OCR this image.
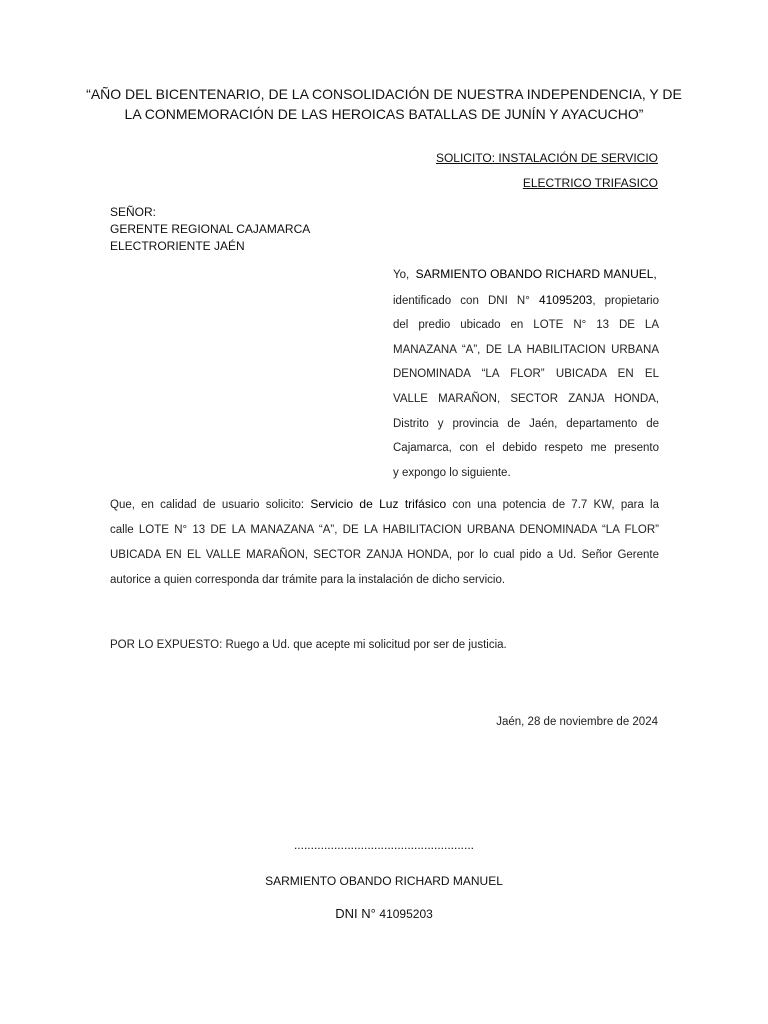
“AÑO DEL BICENTENARIO, DE LA CONSOLIDACIÓN DE NUESTRA INDEPENDENCIA, Y DE
LA CONMEMORACIÓN DE LAS HEROICAS BATALLAS DE JUNÍN Y AYACUCHO”
SOLICITO: INSTALACIÓN DE SERVICIO
ELECTRICO TRIFASICO
SEÑOR:
GERENTE REGIONAL CAJAMARCA
ELECTRORIENTE JAÉN
Yo, SARMIENTO OBANDO RICHARD MANUEL,
identificado con DNI N° 41095203, propietario
del predio ubicado en LOTE N° 13 DE LA
MANAZANA “A”, DE LA HABILITACION URBANA
DENOMINADA “LA FLOR” UBICADA EN EL
VALLE MARAÑON, SECTOR ZANJA HONDA,
Distrito y provincia de Jaén, departamento de
Cajamarca, con el debido respeto me presento
y expongo lo siguiente.
Que, en calidad de usuario solicito: Servicio de Luz trifásico con una potencia de 7.7 KW, para la
calle LOTE N° 13 DE LA MANAZANA “A”, DE LA HABILITACION URBANA DENOMINADA “LA FLOR”
UBICADA EN EL VALLE MARAÑON, SECTOR ZANJA HONDA, por lo cual pido a Ud. Señor Gerente
autorice a quien corresponda dar trámite para la instalación de dicho servicio.
POR LO EXPUESTO: Ruego a Ud. que acepte mi solicitud por ser de justicia.
Jaén, 28 de noviembre de 2024
......................................................
SARMIENTO OBANDO RICHARD MANUEL
DNI N° 41095203
